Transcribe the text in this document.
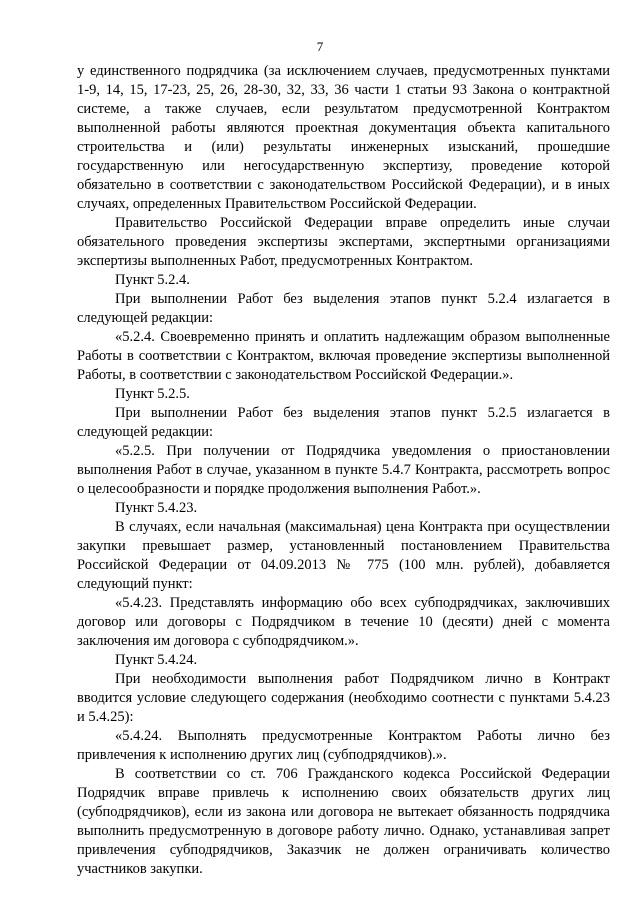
7

у единственного подрядчика (за исключением случаев, предусмотренных пунктами 1-9, 14, 15, 17-23, 25, 26, 28-30, 32, 33, 36 части 1 статьи 93 Закона о контрактной системе, а также случаев, если результатом предусмотренной Контрактом выполненной работы являются проектная документация объекта капитального строительства и (или) результаты инженерных изысканий, прошедшие государственную или негосударственную экспертизу, проведение которой обязательно в соответствии с законодательством Российской Федерации), и в иных случаях, определенных Правительством Российской Федерации.

Правительство Российской Федерации вправе определить иные случаи обязательного проведения экспертизы экспертами, экспертными организациями экспертизы выполненных Работ, предусмотренных Контрактом.

Пункт 5.2.4.

При выполнении Работ без выделения этапов пункт 5.2.4 излагается в следующей редакции:

«5.2.4. Своевременно принять и оплатить надлежащим образом выполненные Работы в соответствии с Контрактом, включая проведение экспертизы выполненной Работы, в соответствии с законодательством Российской Федерации.».

Пункт 5.2.5.

При выполнении Работ без выделения этапов пункт 5.2.5 излагается в следующей редакции:

«5.2.5. При получении от Подрядчика уведомления о приостановлении выполнения Работ в случае, указанном в пункте 5.4.7 Контракта, рассмотреть вопрос о целесообразности и порядке продолжения выполнения Работ.».

Пункт 5.4.23.

В случаях, если начальная (максимальная) цена Контракта при осуществлении закупки превышает размер, установленный постановлением Правительства Российской Федерации от 04.09.2013 № 775 (100 млн. рублей), добавляется следующий пункт:

«5.4.23. Представлять информацию обо всех субподрядчиках, заключивших договор или договоры с Подрядчиком в течение 10 (десяти) дней с момента заключения им договора с субподрядчиком.».

Пункт 5.4.24.

При необходимости выполнения работ Подрядчиком лично в Контракт вводится условие следующего содержания (необходимо соотнести с пунктами 5.4.23 и 5.4.25):

«5.4.24. Выполнять предусмотренные Контрактом Работы лично без привлечения к исполнению других лиц (субподрядчиков).».

В соответствии со ст. 706 Гражданского кодекса Российской Федерации Подрядчик вправе привлечь к исполнению своих обязательств других лиц (субподрядчиков), если из закона или договора не вытекает обязанность подрядчика выполнить предусмотренную в договоре работу лично. Однако, устанавливая запрет привлечения субподрядчиков, Заказчик не должен ограничивать количество участников закупки.
